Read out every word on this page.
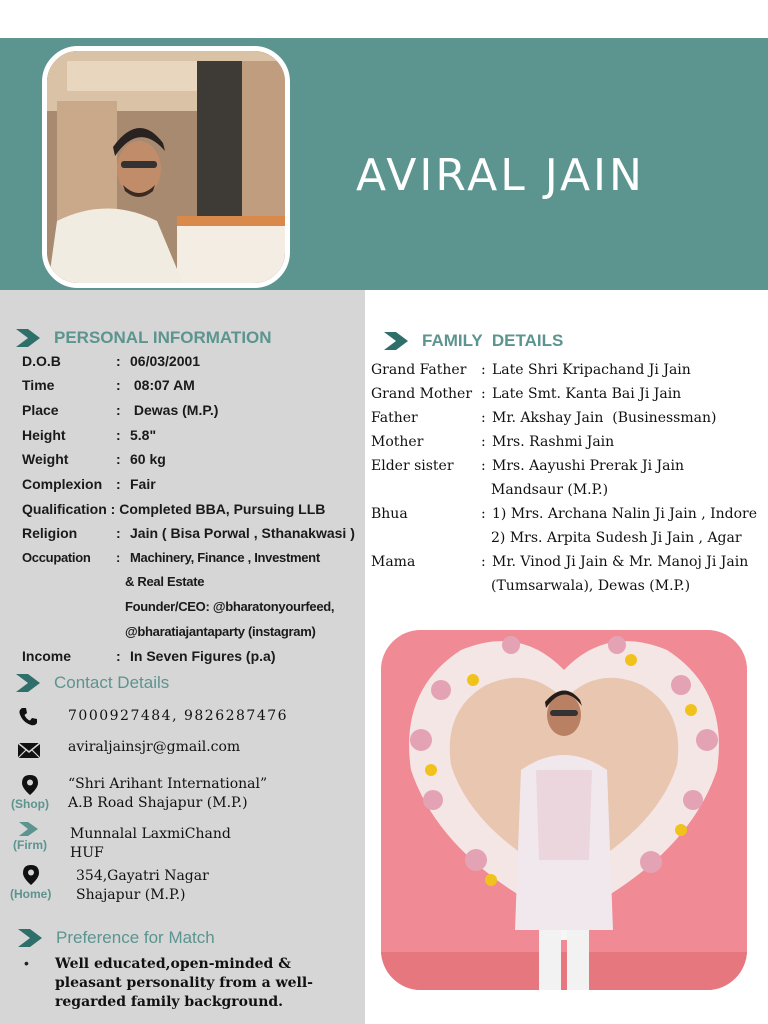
AVIRAL JAIN
PERSONAL INFORMATION
D.O.B	: 06/03/2001
Time	: 08:07 AM
Place	: Dewas (M.P.)
Height	: 5.8"
Weight	: 60 kg
Complexion : Fair
Qualification : Completed BBA, Pursuing LLB
Religion	: Jain ( Bisa Porwal , Sthanakwasi )
Occupation : Machinery, Finance , Investment
& Real Estate
Founder/CEO: @bharatonyourfeed,
@bharatiajantaparty (instagram)
Income	: In Seven Figures (p.a)
Contact Details
7000927484, 9826287476
aviraljainsjr@gmail.com
(Shop)
“Shri Arihant International”
A.B Road Shajapur (M.P.)
(Firm)
Munnalal LaxmiChand
HUF
(Home)
354,Gayatri Nagar
Shajapur (M.P.)
Preference for Match
• Well educated,open-minded & pleasant personality from a well-regarded family background.
FAMILY  DETAILS
Grand Father : Late Shri Kripachand Ji Jain
Grand Mother : Late Smt. Kanta Bai Ji Jain
Father	: Mr. Akshay Jain  (Businessman)
Mother	: Mrs. Rashmi Jain
Elder sister : Mrs. Aayushi Prerak Ji Jain
Mandsaur (M.P.)
Bhua	: 1) Mrs. Archana Nalin Ji Jain , Indore
2) Mrs. Arpita Sudesh Ji Jain , Agar
Mama	: Mr. Vinod Ji Jain & Mr. Manoj Ji Jain
(Tumsarwala), Dewas (M.P.)
